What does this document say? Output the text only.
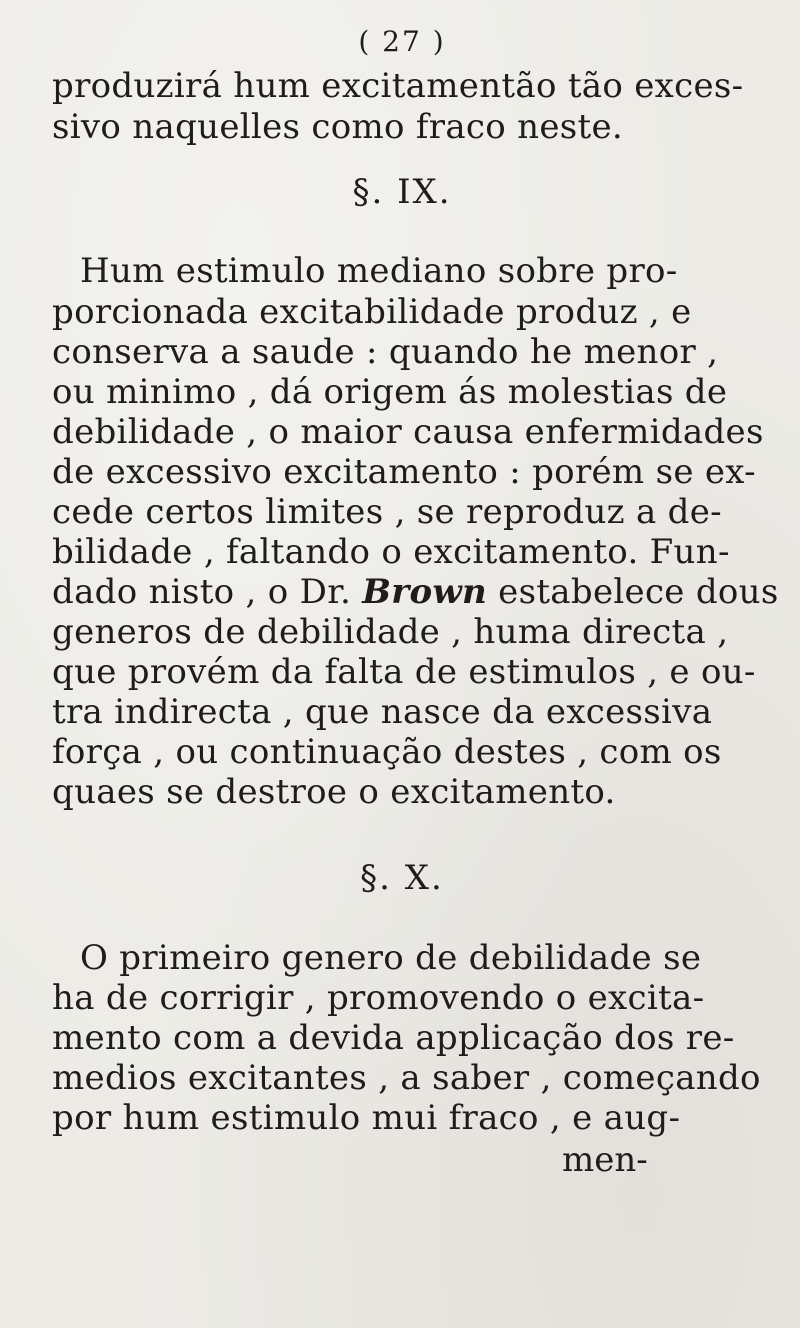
( 27 )
produzirá hum excitamentão tão exces-
sivo naquelles como fraco neste.
§. IX.
Hum estimulo mediano sobre pro-
porcionada excitabilidade produz , e
conserva a saude : quando he menor ,
ou minimo , dá origem ás molestias de
debilidade , o maior causa enfermidades
de excessivo excitamento : porém se ex-
cede certos limites , se reproduz a de-
bilidade , faltando o excitamento. Fun-
dado nisto , o Dr. Brown estabelece dous
generos de debilidade , huma directa ,
que provém da falta de estimulos , e ou-
tra indirecta , que nasce da excessiva
força , ou continuação destes , com os
quaes se destroe o excitamento.
§. X.
O primeiro genero de debilidade se
ha de corrigir , promovendo o excita-
mento com a devida applicação dos re-
medios excitantes , a saber , começando
por hum estimulo mui fraco , e aug-
men-
